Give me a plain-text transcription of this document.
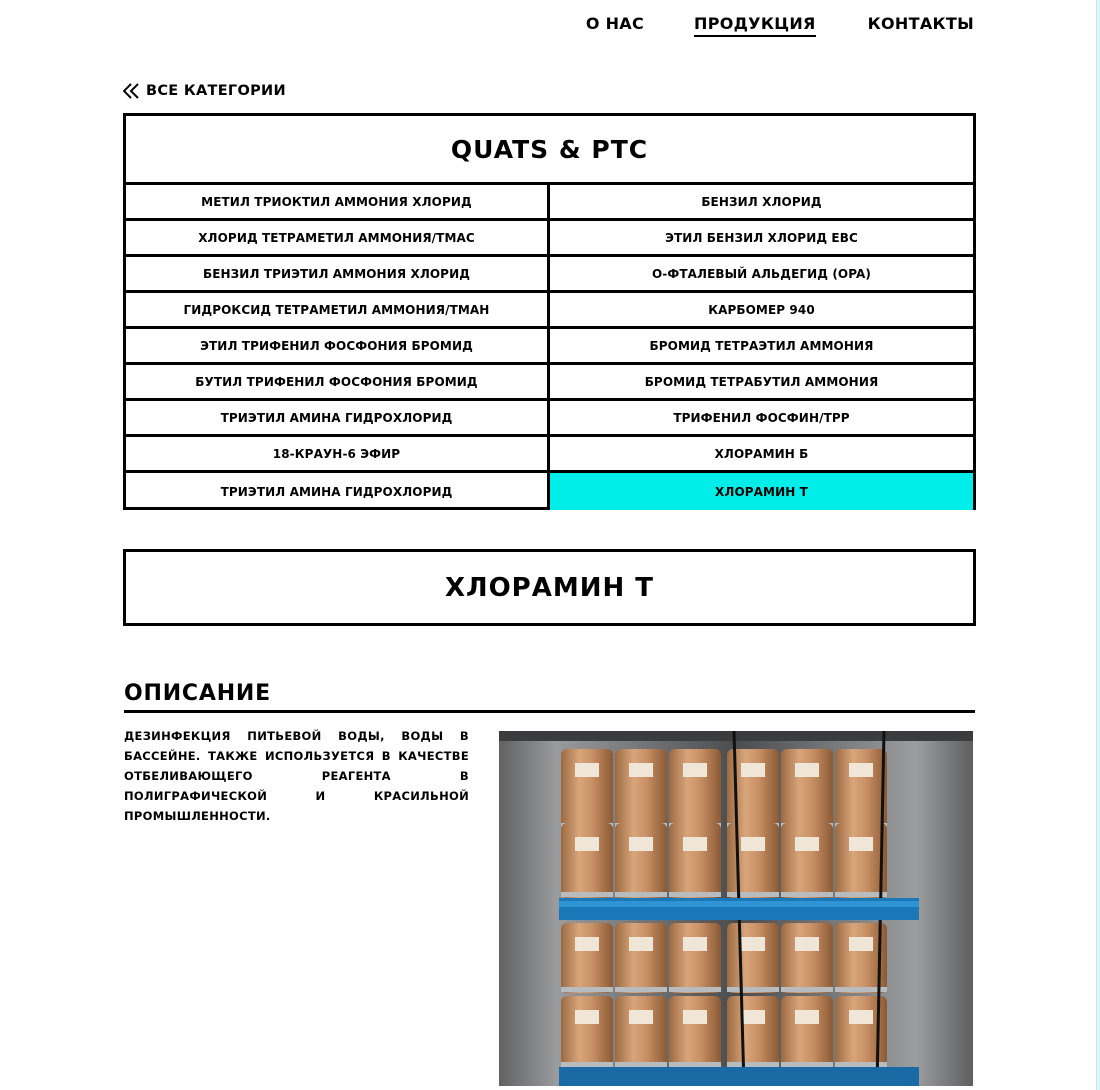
О НАС	ПРОДУКЦИЯ	КОНТАКТЫ
ВСЕ КАТЕГОРИИ
QUATS & PTC
МЕТИЛ ТРИОКТИЛ АММОНИЯ ХЛОРИД	БЕНЗИЛ ХЛОРИД
ХЛОРИД ТЕТРАМЕТИЛ АММОНИЯ/TMAC	ЭТИЛ БЕНЗИЛ ХЛОРИД EBC
БЕНЗИЛ ТРИЭТИЛ АММОНИЯ ХЛОРИД	О-ФТАЛЕВЫЙ АЛЬДЕГИД (OPA)
ГИДРОКСИД ТЕТРАМЕТИЛ АММОНИЯ/TMAH	КАРБОМЕР 940
ЭТИЛ ТРИФЕНИЛ ФОСФОНИЯ БРОМИД	БРОМИД ТЕТРАЭТИЛ АММОНИЯ
БУТИЛ ТРИФЕНИЛ ФОСФОНИЯ БРОМИД	БРОМИД ТЕТРАБУТИЛ АММОНИЯ
ТРИЭТИЛ АМИНА ГИДРОХЛОРИД	ТРИФЕНИЛ ФОСФИН/TPP
18-КРАУН-6 ЭФИР	ХЛОРАМИН Б
ТРИЭТИЛ АМИНА ГИДРОХЛОРИД	ХЛОРАМИН Т
ХЛОРАМИН Т
ОПИСАНИЕ
ДЕЗИНФЕКЦИЯ ПИТЬЕВОЙ ВОДЫ, ВОДЫ В БАССЕЙНЕ. ТАКЖЕ ИСПОЛЬЗУЕТСЯ В КАЧЕСТВЕ ОТБЕЛИВАЮЩЕГО РЕАГЕНТА В ПОЛИГРАФИЧЕСКОЙ И КРАСИЛЬНОЙ ПРОМЫШЛЕННОСТИ.
